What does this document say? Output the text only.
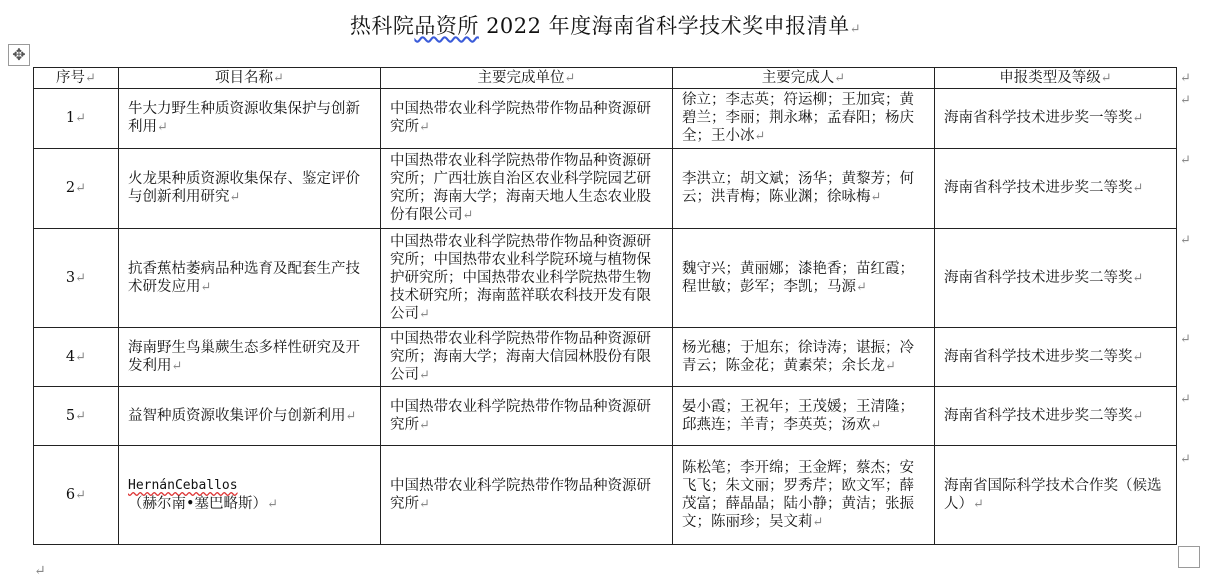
热科院品资所 2022 年度海南省科学技术奖申报清单↵
✥
序号↵	项目名称↵	主要完成单位↵	主要完成人↵	申报类型及等级↵
1↵	牛大力野生种质资源收集保护与创新利用↵	中国热带农业科学院热带作物品种资源研究所↵	徐立；李志英；符运柳；王加宾；黄碧兰；李丽；荆永琳；孟春阳；杨庆全；王小冰↵	海南省科学技术进步奖一等奖↵
2↵	火龙果种质资源收集保存、鉴定评价与创新利用研究↵	中国热带农业科学院热带作物品种资源研究所；广西壮族自治区农业科学院园艺研究所；海南大学；海南天地人生态农业股份有限公司↵	李洪立；胡文斌；汤华；黄黎芳；何云；洪青梅；陈业渊；徐咏梅↵	海南省科学技术进步奖二等奖↵
3↵	抗香蕉枯萎病品种选育及配套生产技术研发应用↵	中国热带农业科学院热带作物品种资源研究所；中国热带农业科学院环境与植物保护研究所；中国热带农业科学院热带生物技术研究所；海南蓝祥联农科技开发有限公司↵	魏守兴；黄丽娜；漆艳香；苗红霞；程世敏；彭军；李凯；马源↵	海南省科学技术进步奖二等奖↵
4↵	海南野生鸟巢蕨生态多样性研究及开发利用↵	中国热带农业科学院热带作物品种资源研究所；海南大学；海南大信园林股份有限公司↵	杨光穗；于旭东；徐诗涛；谌振；冷青云；陈金花；黄素荣；余长龙↵	海南省科学技术进步奖二等奖↵
5↵	益智种质资源收集评价与创新利用↵	中国热带农业科学院热带作物品种资源研究所↵	晏小霞；王祝年；王茂媛；王清隆；邱燕连；羊青；李英英；汤欢↵	海南省科学技术进步奖二等奖↵
6↵	HernánCeballos（赫尔南•塞巴略斯）↵	中国热带农业科学院热带作物品种资源研究所↵	陈松笔；李开绵；王金辉；蔡杰；安飞飞；朱文丽；罗秀芹；欧文军；薛茂富；薛晶晶；陆小静；黄洁；张振文；陈丽珍；吴文莉↵	海南省国际科学技术合作奖（候选人）↵
↵
↵
↵
↵
↵
↵
↵
↵
